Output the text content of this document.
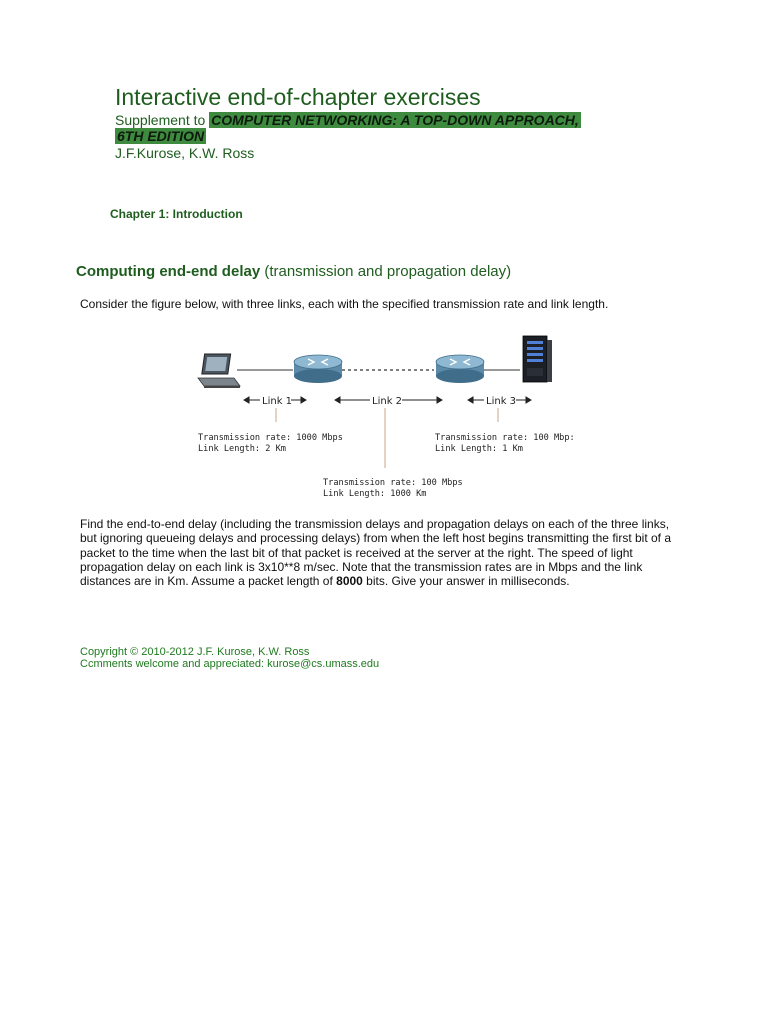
Interactive end-of-chapter exercises
Supplement to COMPUTER NETWORKING: A TOP-DOWN APPROACH,
6TH EDITION
J.F.Kurose, K.W. Ross
Chapter 1: Introduction
Computing end-end delay (transmission and propagation delay)
Consider the figure below, with three links, each with the specified transmission rate and link length.
Link 1	Link 2	Link 3
Transmission rate: 1000 Mbps
Link Length: 2 Km
Transmission rate: 100 Mbp:
Link Length: 1 Km
Transmission rate: 100 Mbps
Link Length: 1000 Km
Find the end-to-end delay (including the transmission delays and propagation delays on each of the three links, but ignoring queueing delays and processing delays) from when the left host begins transmitting the first bit of a packet to the time when the last bit of that packet is received at the server at the right. The speed of light propagation delay on each link is 3x10**8 m/sec. Note that the transmission rates are in Mbps and the link distances are in Km. Assume a packet length of 8000 bits. Give your answer in milliseconds.
Copyright © 2010-2012 J.F. Kurose, K.W. Ross
Ccmments welcome and appreciated: kurose@cs.umass.edu
